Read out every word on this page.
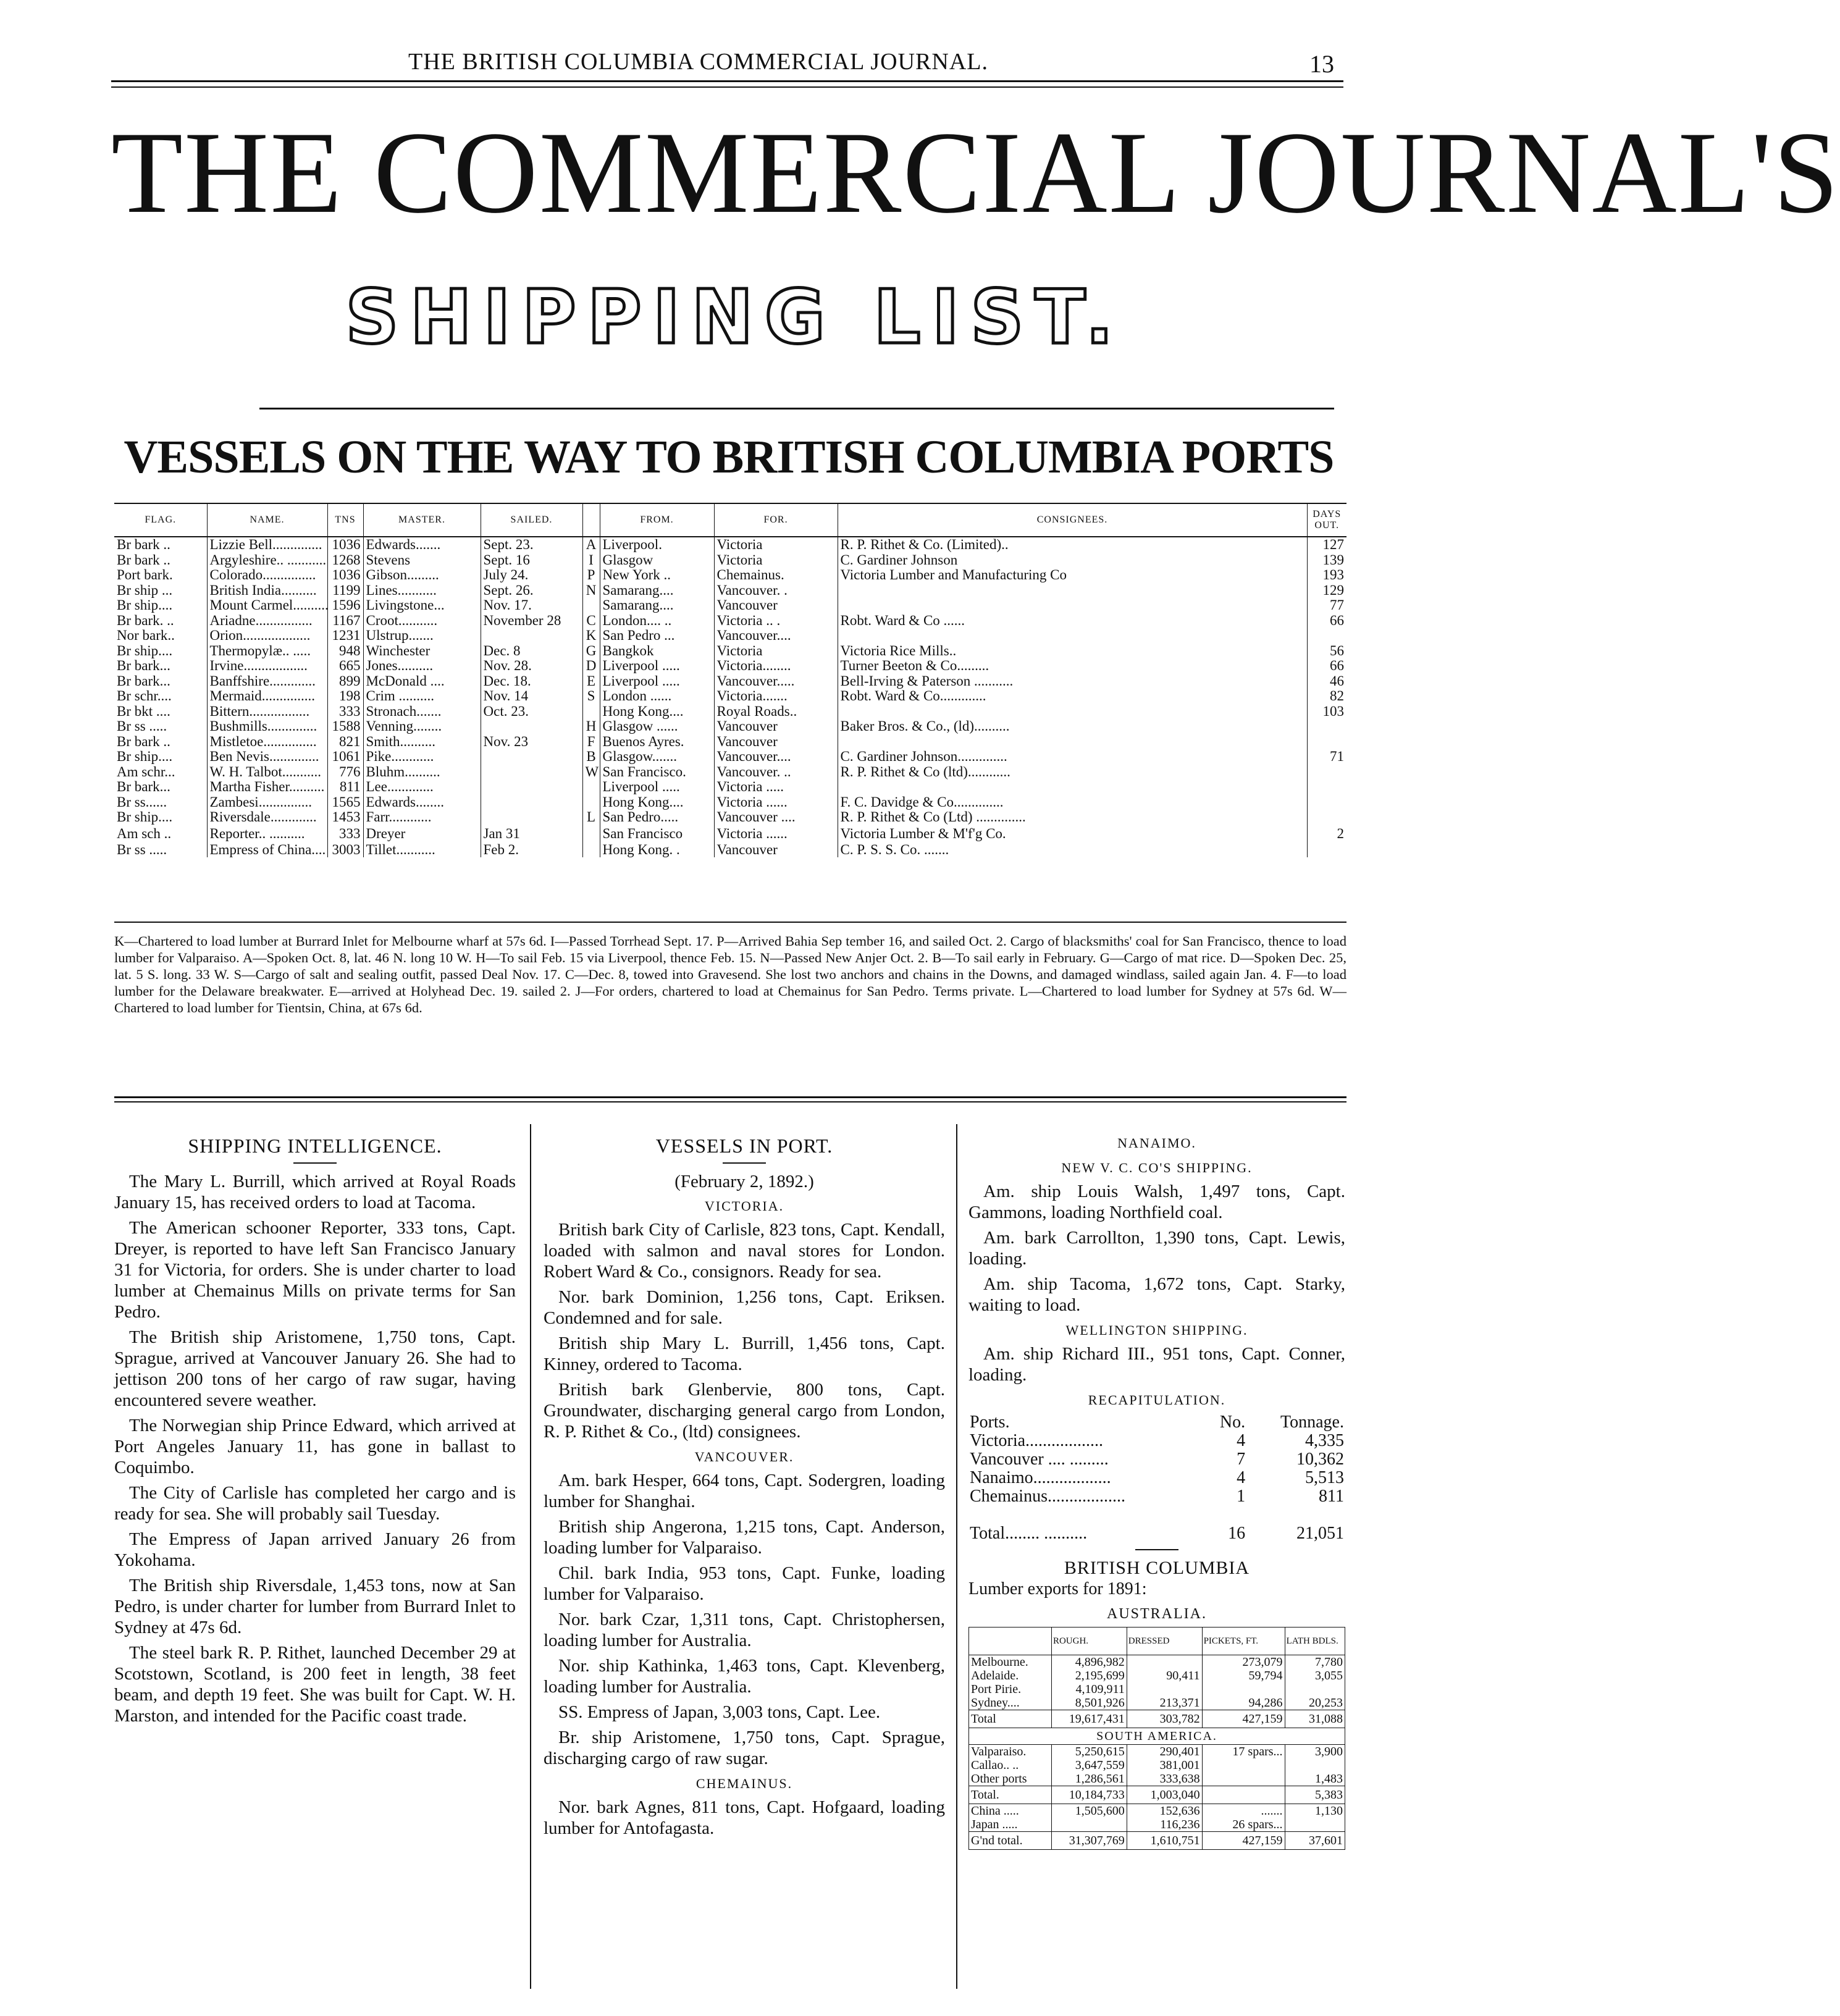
THE BRITISH COLUMBIA COMMERCIAL JOURNAL.	13
THE COMMERCIAL JOURNAL'S
SHIPPING LIST.
VESSELS ON THE WAY TO BRITISH COLUMBIA PORTS
FLAG.	NAME.	TNS	MASTER.	SAILED.		FROM.	FOR.	CONSIGNEES.	DAYS OUT.
Br bark ..	Lizzie Bell..............	1036	Edwards.......	Sept. 23.	A	Liverpool.	Victoria	R. P. Rithet & Co. (Limited)..	127
Br bark ..	Argyleshire.. ...........	1268	Stevens	Sept. 16	I	Glasgow	Victoria	C. Gardiner Johnson	139
Port bark.	Colorado...............	1036	Gibson.........	July 24.	P	New York ..	Chemainus.	Victoria Lumber and Manufacturing Co	193
Br ship ...	British India..........	1199	Lines...........	Sept. 26.	N	Samarang....	Vancouver. .		129
Br ship....	Mount Carmel..........	1596	Livingstone...	Nov. 17.		Samarang....	Vancouver		77
Br bark. ..	Ariadne................	1167	Croot...........	November 28	C	London.... ..	Victoria .. .	Robt. Ward & Co ......	66
Nor bark..	Orion...................	1231	Ulstrup.......		K	San Pedro ...	Vancouver....		
Br ship....	Thermopylæ.. .....	948	Winchester	Dec. 8	G	Bangkok	Victoria	Victoria Rice Mills..	56
Br bark...	Irvine..................	665	Jones..........	Nov. 28.	D	Liverpool .....	Victoria........	Turner Beeton & Co.........	66
Br bark...	Banffshire.............	899	McDonald ....	Dec. 18.	E	Liverpool .....	Vancouver.....	Bell-Irving & Paterson ...........	46
Br schr....	Mermaid...............	198	Crim ..........	Nov. 14	S	London ......	Victoria.......	Robt. Ward & Co.............	82
Br bkt ....	Bittern.................	333	Stronach.......	Oct. 23.		Hong Kong....	Royal Roads..		103
Br ss .....	Bushmills..............	1588	Venning........		H	Glasgow ......	Vancouver	Baker Bros. & Co., (ld)..........	
Br bark ..	Mistletoe...............	821	Smith..........	Nov. 23	F	Buenos Ayres.	Vancouver		
Br ship....	Ben Nevis..............	1061	Pike............		B	Glasgow.......	Vancouver....	C. Gardiner Johnson..............	71
Am schr...	W. H. Talbot...........	776	Bluhm..........		W	San Francisco.	Vancouver. ..	R. P. Rithet & Co (ltd)............	
Br bark...	Martha Fisher..........	811	Lee.............			Liverpool .....	Victoria .....		
Br ss......	Zambesi...............	1565	Edwards........			Hong Kong....	Victoria ......	F. C. Davidge & Co..............	
Br ship....	Riversdale.............	1453	Farr............		L	San Pedro.....	Vancouver ....	R. P. Rithet & Co (Ltd) ..............	
Am sch ..	Reporter.. ..........	333	Dreyer	Jan 31		San Francisco	Victoria ......	Victoria Lumber & M'f'g Co.	2
Br ss .....	Empress of China....	3003	Tillet...........	Feb 2.		Hong Kong. .	Vancouver	C. P. S. S. Co. .......	
K—Chartered to load lumber at Burrard Inlet for Melbourne wharf at 57s 6d. I—Passed Torrhead Sept. 17. P—Arrived Bahia Sep tember 16, and sailed Oct. 2. Cargo of blacksmiths' coal for San Francisco, thence to load lumber for Valparaiso. A—Spoken Oct. 8, lat. 46 N. long 10 W. H—To sail Feb. 15 via Liverpool, thence Feb. 15. N—Passed New Anjer Oct. 2. B—To sail early in February. G—Cargo of mat rice. D—Spoken Dec. 25, lat. 5 S. long. 33 W. S—Cargo of salt and sealing outfit, passed Deal Nov. 17. C—Dec. 8, towed into Gravesend. She lost two anchors and chains in the Downs, and damaged windlass, sailed again Jan. 4. F—to load lumber for the Delaware breakwater. E—arrived at Holyhead Dec. 19. sailed 2. J—For orders, chartered to load at Chemainus for San Pedro. Terms private. L—Chartered to load lumber for Sydney at 57s 6d. W—Chartered to load lumber for Tientsin, China, at 67s 6d.
SHIPPING INTELLIGENCE.

The Mary L. Burrill, which arrived at Royal Roads January 15, has received orders to load at Tacoma.

The American schooner Reporter, 333 tons, Capt. Dreyer, is reported to have left San Francisco January 31 for Victoria, for orders. She is under charter to load lumber at Chemainus Mills on private terms for San Pedro.

The British ship Aristomene, 1,750 tons, Capt. Sprague, arrived at Vancouver January 26. She had to jettison 200 tons of her cargo of raw sugar, having encountered severe weather.

The Norwegian ship Prince Edward, which arrived at Port Angeles January 11, has gone in ballast to Coquimbo.

The City of Carlisle has completed her cargo and is ready for sea. She will probably sail Tuesday.

The Empress of Japan arrived January 26 from Yokohama.

The British ship Riversdale, 1,453 tons, now at San Pedro, is under charter for lumber from Burrard Inlet to Sydney at 47s 6d.

The steel bark R. P. Rithet, launched December 29 at Scotstown, Scotland, is 200 feet in length, 38 feet beam, and depth 19 feet. She was built for Capt. W. H. Marston, and intended for the Pacific coast trade.

VESSELS IN PORT.
(February 2, 1892.)
VICTORIA.

British bark City of Carlisle, 823 tons, Capt. Kendall, loaded with salmon and naval stores for London. Robert Ward & Co., consignors. Ready for sea.

Nor. bark Dominion, 1,256 tons, Capt. Eriksen. Condemned and for sale.

British ship Mary L. Burrill, 1,456 tons, Capt. Kinney, ordered to Tacoma.

British bark Glenbervie, 800 tons, Capt. Groundwater, discharging general cargo from London, R. P. Rithet & Co., (ltd) consignees.

VANCOUVER.

Am. bark Hesper, 664 tons, Capt. Sodergren, loading lumber for Shanghai.

British ship Angerona, 1,215 tons, Capt. Anderson, loading lumber for Valparaiso.

Chil. bark India, 953 tons, Capt. Funke, loading lumber for Valparaiso.

Nor. bark Czar, 1,311 tons, Capt. Christophersen, loading lumber for Australia.

Nor. ship Kathinka, 1,463 tons, Capt. Klevenberg, loading lumber for Australia.

SS. Empress of Japan, 3,003 tons, Capt. Lee.

Br. ship Aristomene, 1,750 tons, Capt. Sprague, discharging cargo of raw sugar.

CHEMAINUS.

Nor. bark Agnes, 811 tons, Capt. Hofgaard, loading lumber for Antofagasta.

NANAIMO.
NEW V. C. CO'S SHIPPING.

Am. ship Louis Walsh, 1,497 tons, Capt. Gammons, loading Northfield coal.

Am. bark Carrollton, 1,390 tons, Capt. Lewis, loading.

Am. ship Tacoma, 1,672 tons, Capt. Starky, waiting to load.

WELLINGTON SHIPPING.

Am. ship Richard III., 951 tons, Capt. Conner, loading.

RECAPITULATION.
Ports.	No.	Tonnage.
Victoria..................	4	4,335
Vancouver .... .........	7	10,362
Nanaimo..................	4	5,513
Chemainus..................	1	811
Total........ ..........	16	21,051
BRITISH COLUMBIA
Lumber exports for 1891:
AUSTRALIA.
	ROUGH.	DRESSED	PICKETS, FT.	LATH BDLS.
Melbourne.	4,896,982		273,079	7,780
Adelaide.	2,195,699	90,411	59,794	3,055
Port Pirie.	4,109,911			
Sydney....	8,501,926	213,371	94,286	20,253
Total	19,617,431	303,782	427,159	31,088
SOUTH AMERICA.				
Valparaiso.	5,250,615	290,401	17 spars...	3,900
Callao.. ..	3,647,559	381,001		
Other ports	1,286,561	333,638		1,483
Total.	10,184,733	1,003,040		5,383
China .....	1,505,600	152,636	.......	1,130
Japan .....		116,236	26 spars...	
G'nd total.	31,307,769	1,610,751	427,159	37,601
